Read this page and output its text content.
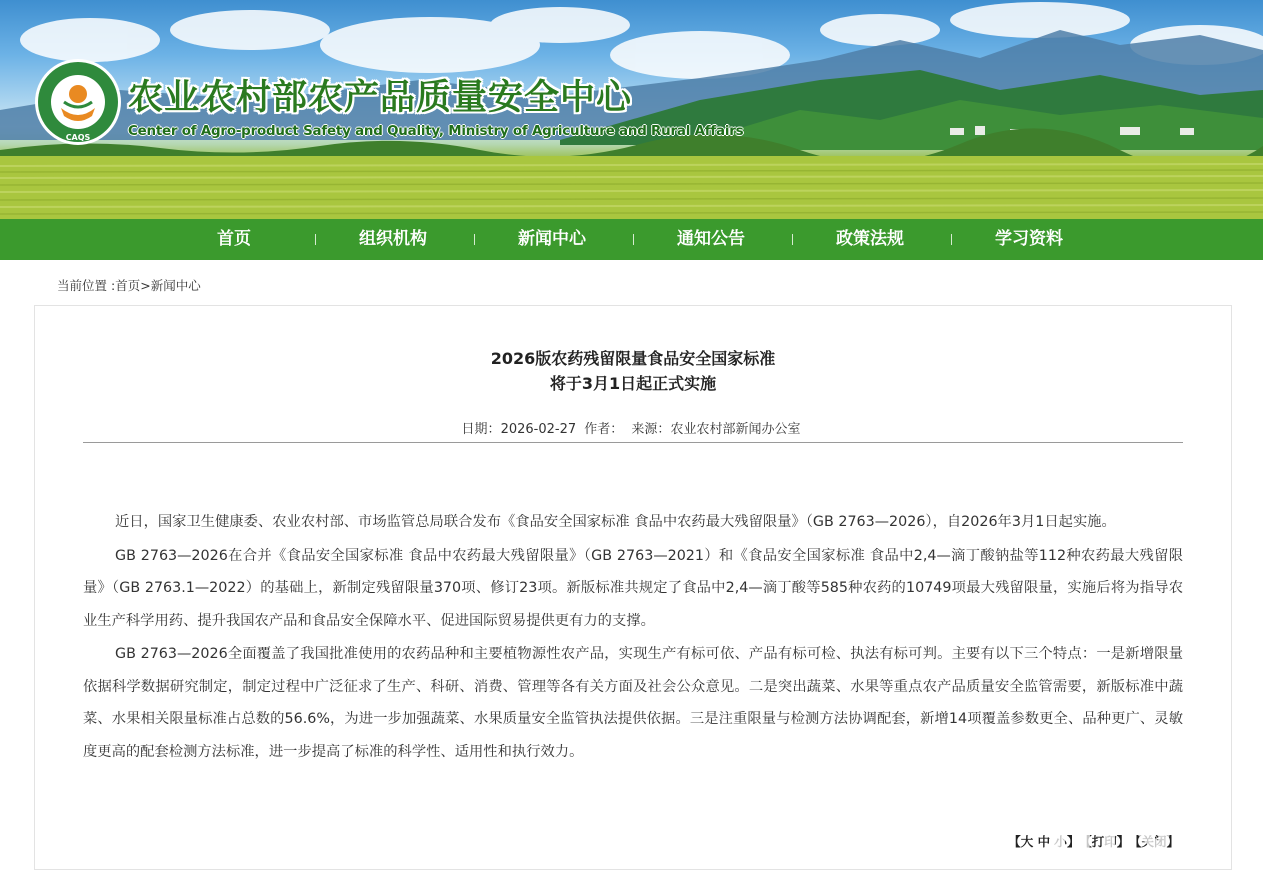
CAQS
农业农村部农产品质量安全中心
Center of Agro-product Safety and Quality, Ministry of Agriculture and Rural Affairs
首页	组织机构	新闻中心	通知公告	政策法规	学习资料
当前位置 :首页>新闻中心
2026版农药残留限量食品安全国家标准
将于3月1日起正式实施
日期：2026-02-27 作者： 来源：农业农村部新闻办公室

近日，国家卫生健康委、农业农村部、市场监管总局联合发布《食品安全国家标准 食品中农药最大残留限量》（GB 2763—2026），自2026年3月1日起实施。

GB 2763—2026在合并《食品安全国家标准 食品中农药最大残留限量》（GB 2763—2021）和《食品安全国家标准 食品中2,4—滴丁酸钠盐等112种农药最大残留限量》（GB 2763.1—2022）的基础上，新制定残留限量370项、修订23项。新版标准共规定了食品中2,4—滴丁酸等585种农药的10749项最大残留限量，实施后将为指导农业生产科学用药、提升我国农产品和食品安全保障水平、促进国际贸易提供更有力的支撑。

GB 2763—2026全面覆盖了我国批准使用的农药品种和主要植物源性农产品，实现生产有标可依、产品有标可检、执法有标可判。主要有以下三个特点：一是新增限量依据科学数据研究制定，制定过程中广泛征求了生产、科研、消费、管理等各有关方面及社会公众意见。二是突出蔬菜、水果等重点农产品质量安全监管需要，新版标准中蔬菜、水果相关限量标准占总数的56.6%，为进一步加强蔬菜、水果质量安全监管执法提供依据。三是注重限量与检测方法协调配套，新增14项覆盖参数更全、品种更广、灵敏度更高的配套检测方法标准，进一步提高了标准的科学性、适用性和执行效力。

【大 中 小】 【打印】 【关闭】
